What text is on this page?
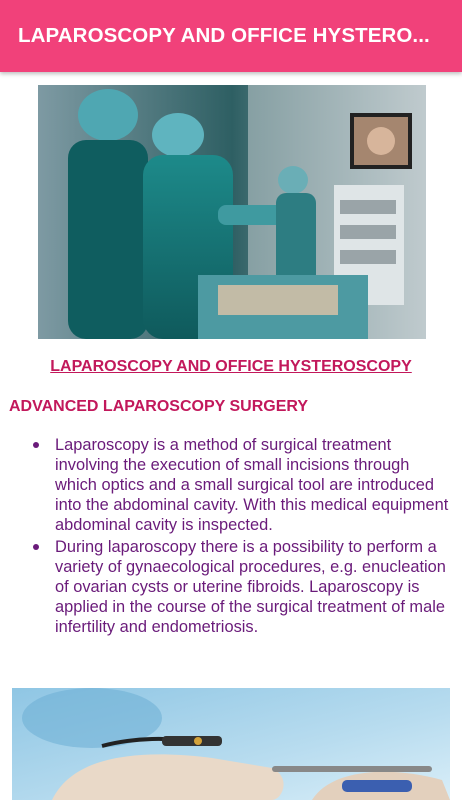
LAPAROSCOPY AND OFFICE HYSTERO...
LAPAROSCOPY AND OFFICE HYSTEROSCOPY
ADVANCED LAPAROSCOPY SURGERY
Laparoscopy is a method of surgical treatment involving the execution of small incisions through which optics and a small surgical tool are introduced into the abdominal cavity. With this medical equipment abdominal cavity is inspected.
During laparoscopy there is a possibility to perform a variety of gynaecological procedures, e.g. enucleation of ovarian cysts or uterine fibroids. Laparoscopy is applied in the course of the surgical treatment of male infertility and endometriosis.
